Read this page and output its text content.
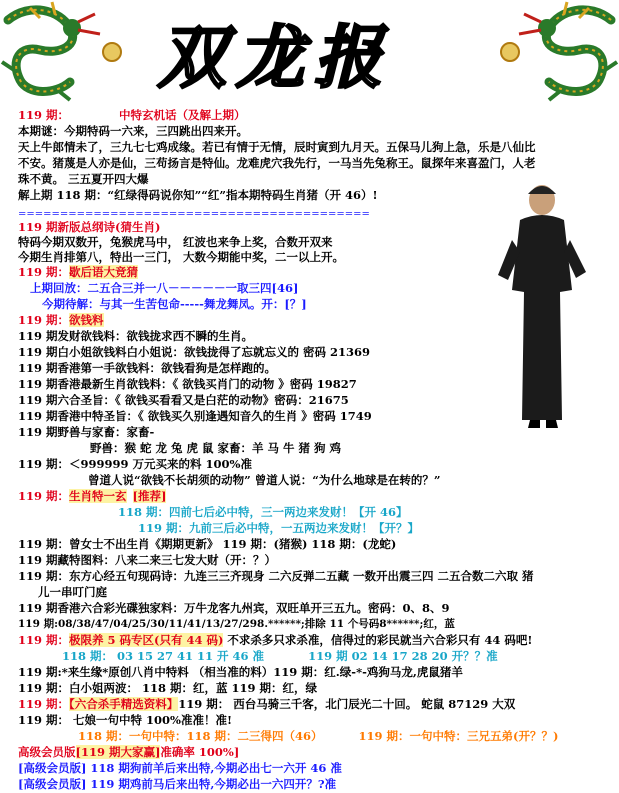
双龙报
119 期：	中特玄机话（及解上期）
本期谜：今期特码一六来，三四跳出四来开。
天上牛郎情未了，三九七七鸡成缘。若已有情于无情，辰时寅到九月天。五保马儿狗上急，乐是八仙比
不安。猪蔑是人亦是仙，三苟扬言是特仙。龙难虎穴我先行，一马当先兔称王。鼠探年来喜盈门，人老
珠不黄。 三五夏开四大爆
解上期 118 期：“红绿得码说你知”“红”指本期特码生肖猪（开 46）!
==========================================
119 期新版总纲诗(猜生肖)
特码今期双数开，兔猴虎马中， 红波也来争上奖，合数开双来
今期生肖排第八，特出一三门， 大数今期能中奖，二一以上开。
119 期：歇后语大竞猜
上期回放：二五合三并一八－－－－－一取三四[46]
今期待解：与其一生苦包命-----舞龙舞凤。开：[？]
119 期：欲钱料
119 期发财欲钱料：欲钱拢求西不瞬的生肖。
119 期白小姐欲钱料白小姐说：欲钱拢得了忘就忘义的 密码 21369
119 期香港第一手欲钱料：欲钱看狗是怎样跑的。
119 期香港最新生肖欲钱料：《 欲钱买肖门的动物 》密码 19827
119 期六合圣旨：《 欲钱买看看又是白茫的动物》密码：21675
119 期香港中特圣旨：《 欲钱买久别逢遇知音久的生肖 》密码 1749
119 期野兽与家畜：家畜-
野兽：猴 蛇 龙 兔 虎 鼠 家畜：羊 马 牛 猪 狗 鸡
119 期：＜999999 万元买来的料 100%准
曾道人说“欲钱不长胡须的动物” 曾道人说：“为什么地球是在转的？”
119 期：生肖特一玄 [推荐]
118 期：四前七后必中特，三一两边来发财！【开 46】
119 期：九前三后必中特，一五两边来发财！【开？】
119 期：曾女士不出生肖《期期更新》 119 期：(猪猴) 118 期：(龙蛇)
119 期藏特图料：八来二来三七发大财（开：？）
119 期：东方心经五句现码诗：九连三三齐现身 二六反弹二五藏 一数开出震三四 二五合数二六取 猪
儿一串叮门庭
119 期香港六合彩光碟独家料：万牛龙客九州宾，双旺单开三五九。密码：0、8、9
119 期:08/38/47/04/25/30/11/41/13/27/298.******;排除 11 个号码8******;红，蓝
119 期：极限养 5 码专区(只有 44 码) 不求杀多只求杀准，信得过的彩民就当六合彩只有 44 码吧!
118 期： 03 15 27 41 11 开 46 准	119 期 02 14 17 28 20 开？？准
119 期:*来生缘*原创八肖中特料 （相当准的料）119 期：红.绿-*-鸡狗马龙,虎鼠猪羊
119 期：白小姐两波： 118 期：红，蓝 119 期：红，绿
119 期：【六合杀手精选资料】119 期： 西台马骑三千客，北门辰光二十回。 蛇鼠 87129 大双
119 期： 七娘一句中特 100%准准！准!
118 期：一句中特：118 期：二三得四（46）	119 期：一句中特：三兄五弟(开？？)
高级会员版[119 期大家赢]准确率 100%]
[高级会员版] 118 期狗前羊后来出特,今期必出七一六开 46 准
[高级会员版] 119 期鸡前马后来出特,今期必出一六四开？?准
